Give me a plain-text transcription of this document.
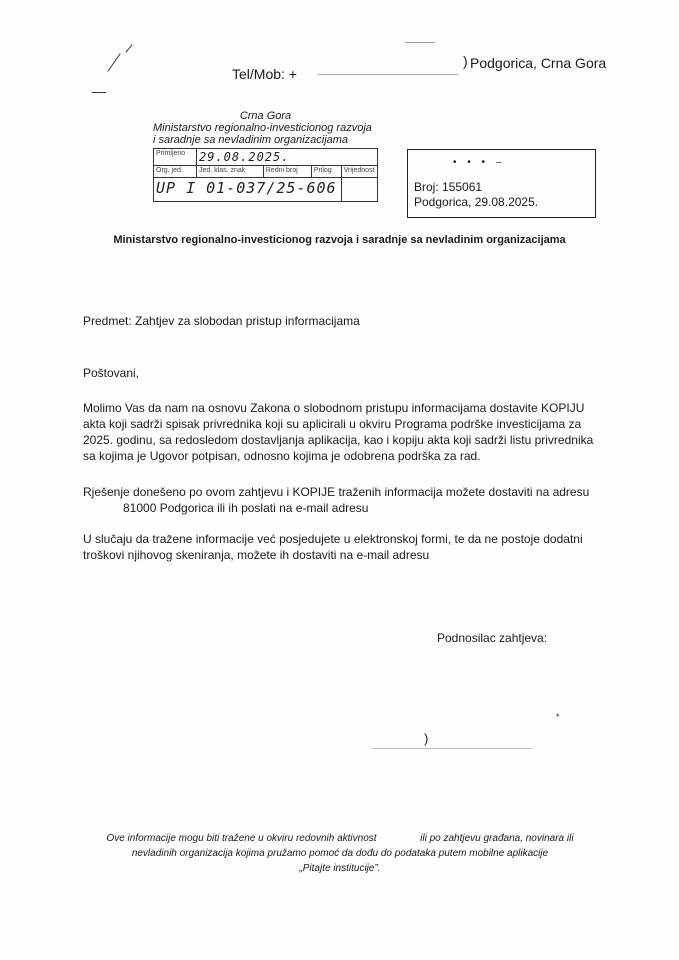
) Podgorica, Crna Gora
Tel/Mob: +
Crna Gora
Ministarstvo regionalno-investicionog razvoja
i saradnje sa nevladinim organizacijama
Primljeno	29.08.2025.			
Org. jed.	Jed. klas. znak	Redni broj	Prilog	Vrijednost
UP I 01-037/25-606				
• • • –
Broj: 155061
Podgorica, 29.08.2025.
Ministarstvo regionalno-investicionog razvoja i saradnje sa nevladinim organizacijama
Predmet: Zahtjev za slobodan pristup informacijama
Poštovani,
Molimo Vas da nam na osnovu Zakona o slobodnom pristupu informacijama dostavite KOPIJU akta koji sadrži spisak privrednika koji su aplicirali u okviru Programa podrške investicijama za 2025. godinu, sa redosledom dostavljanja aplikacija, kao i kopiju akta koji sadrži listu privrednika sa kojima je Ugovor potpisan, odnosno kojima je odobrena podrška za rad.
Rješenje donešeno po ovom zahtjevu i KOPIJE traženih informacija možete dostaviti na adresu
81000 Podgorica ili ih poslati na e-mail adresu
U slučaju da tražene informacije već posjedujete u elektronskoj formi, te da ne postoje dodatni troškovi njihovog skeniranja, možete ih dostaviti na e-mail adresu
Podnosilac zahtjeva:
*
)
Ove informacije mogu biti tražene u okviru redovnih aktivnost	ili po zahtjevu građana, novinara ili
nevladinih organizacija kojima pružamo pomoć da dođu do podataka putem mobilne aplikacije
„Pitajte institucije”.
